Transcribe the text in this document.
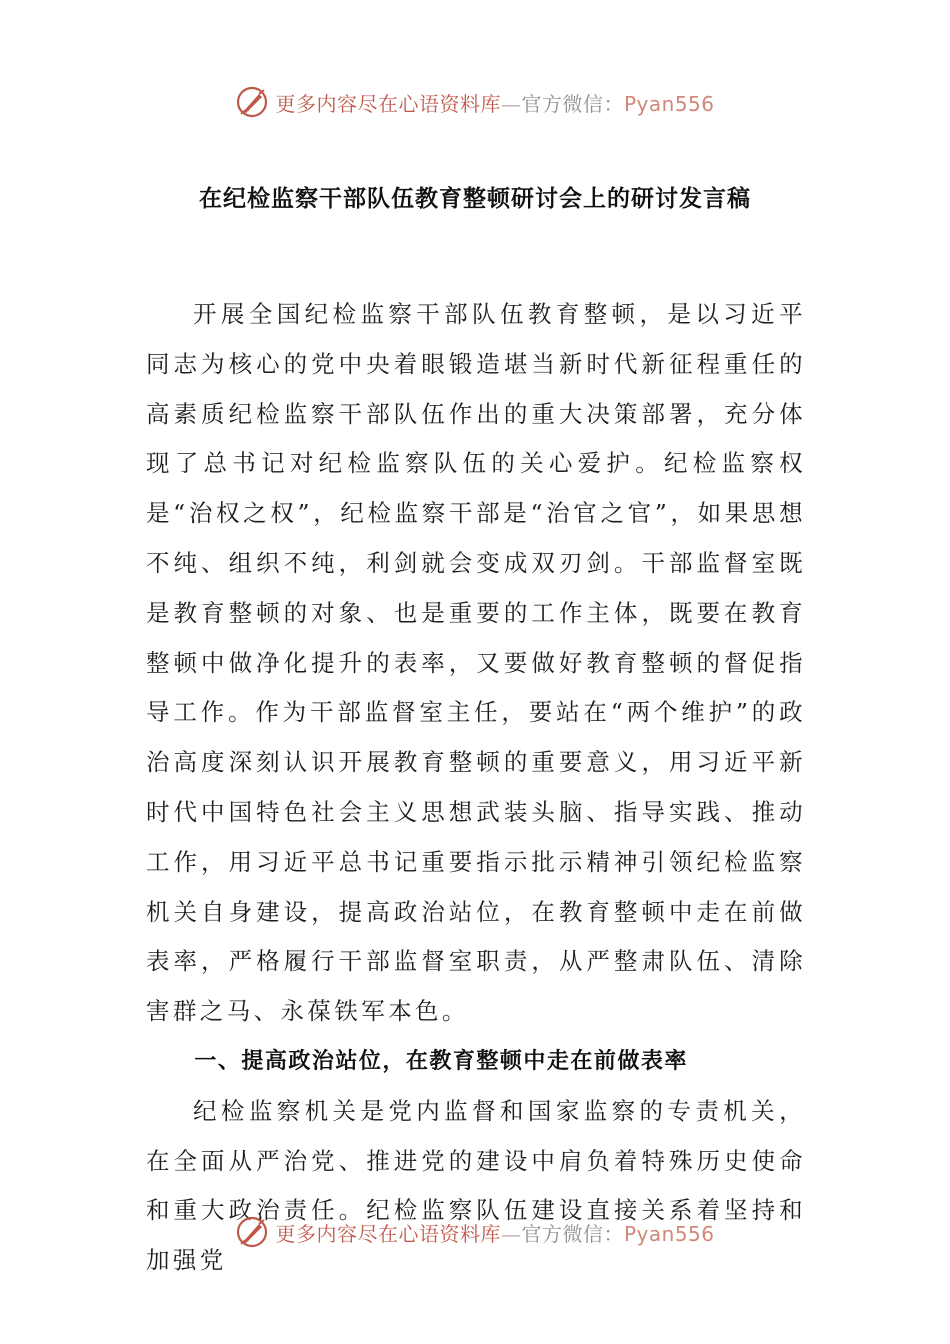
更多内容尽在心语资料库—官方微信：Pyan556
在纪检监察干部队伍教育整顿研讨会上的研讨发言稿

开展全国纪检监察干部队伍教育整顿，是以习近平同志为核心的党中央着眼锻造堪当新时代新征程重任的高素质纪检监察干部队伍作出的重大决策部署，充分体现了总书记对纪检监察队伍的关心爱护。纪检监察权是“治权之权”，纪检监察干部是“治官之官”，如果思想不纯、组织不纯，利剑就会变成双刃剑。干部监督室既是教育整顿的对象、也是重要的工作主体，既要在教育整顿中做净化提升的表率，又要做好教育整顿的督促指导工作。作为干部监督室主任，要站在“两个维护”的政治高度深刻认识开展教育整顿的重要意义，用习近平新时代中国特色社会主义思想武装头脑、指导实践、推动工作，用习近平总书记重要指示批示精神引领纪检监察机关自身建设，提高政治站位，在教育整顿中走在前做表率，严格履行干部监督室职责，从严整肃队伍、清除害群之马、永葆铁军本色。

一、提高政治站位，在教育整顿中走在前做表率

纪检监察机关是党内监督和国家监察的专责机关，在全面从严治党、推进党的建设中肩负着特殊历史使命和重大政治责任。纪检监察队伍建设直接关系着坚持和加强党

更多内容尽在心语资料库—官方微信：Pyan556
